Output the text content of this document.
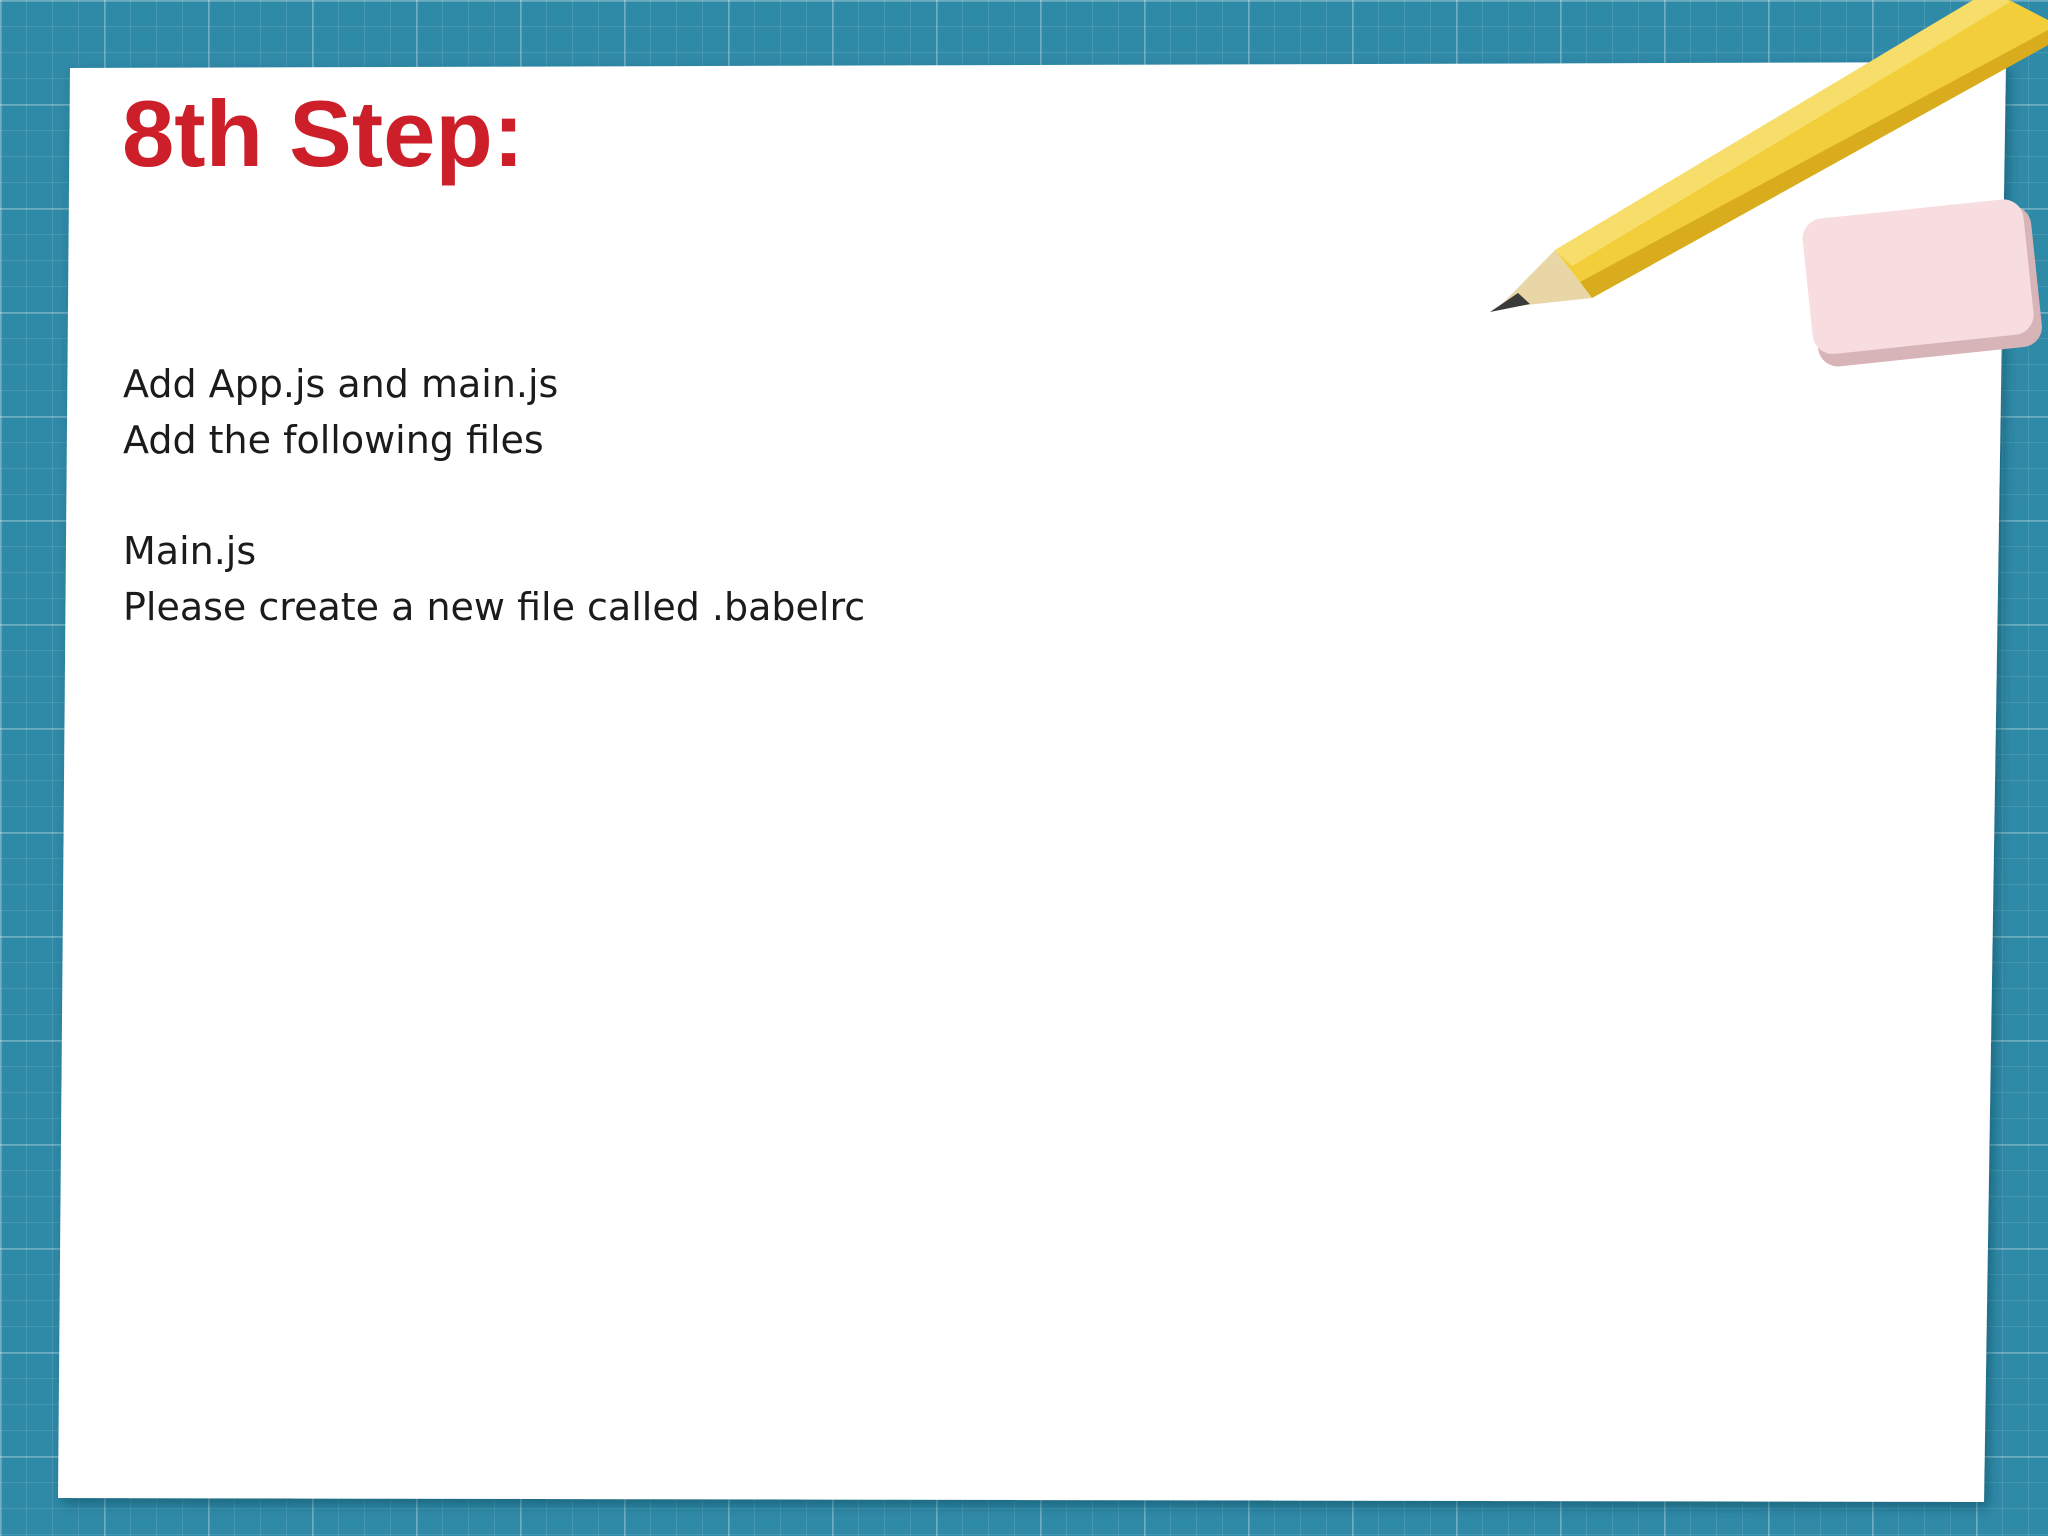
8th Step:
Add App.js and main.js
Add the following files
Main.js
Please create a new file called .babelrc
